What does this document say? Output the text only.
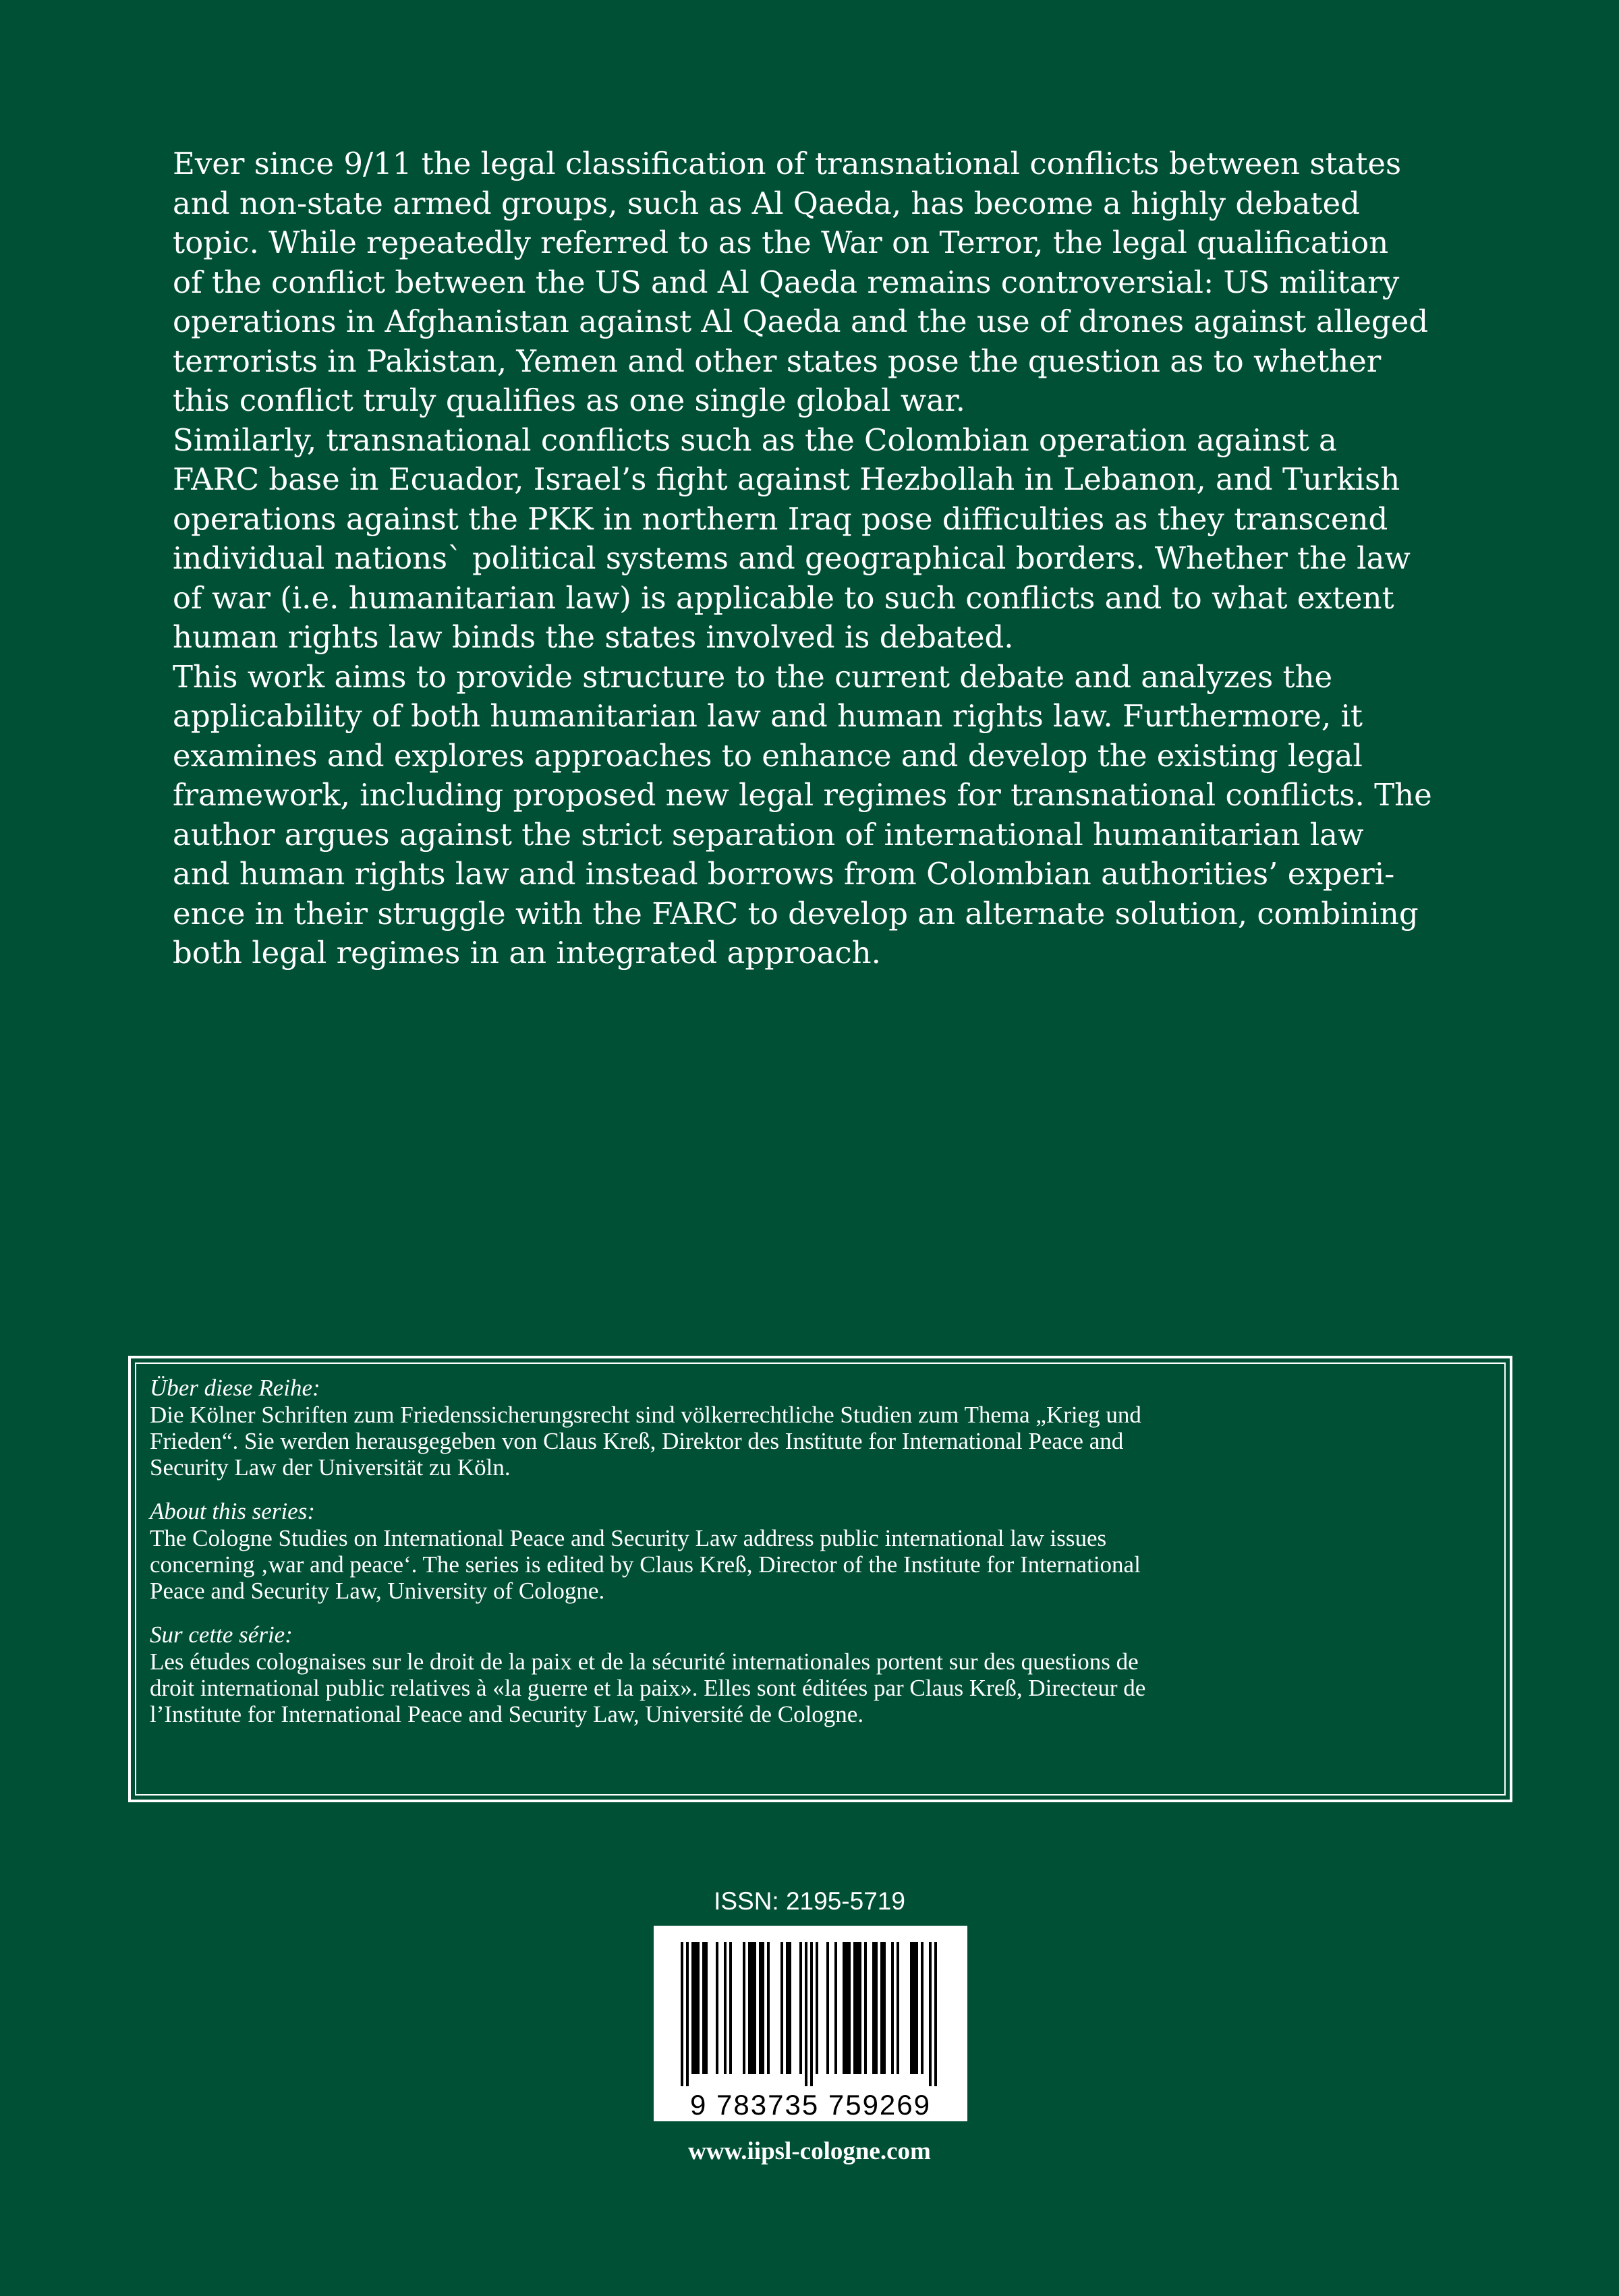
Ever since 9/11 the legal classification of transnational conflicts between states
and non-state armed groups, such as Al Qaeda, has become a highly debated
topic. While repeatedly referred to as the War on Terror, the legal qualification
of the conflict between the US and Al Qaeda remains controversial: US military
operations in Afghanistan against Al Qaeda and the use of drones against alleged
terrorists in Pakistan, Yemen and other states pose the question as to whether
this conflict truly qualifies as one single global war.

Similarly, transnational conflicts such as the Colombian operation against a
FARC base in Ecuador, Israel’s fight against Hezbollah in Lebanon, and Turkish
operations against the PKK in northern Iraq pose difficulties as they transcend
individual nations` political systems and geographical borders. Whether the law
of war (i.e. humanitarian law) is applicable to such conflicts and to what extent
human rights law binds the states involved is debated.

This work aims to provide structure to the current debate and analyzes the
applicability of both humanitarian law and human rights law. Furthermore, it
examines and explores approaches to enhance and develop the existing legal
framework, including proposed new legal regimes for transnational conflicts. The
author argues against the strict separation of international humanitarian law
and human rights law and instead borrows from Colombian authorities’ experi-
ence in their struggle with the FARC to develop an alternate solution, combining
both legal regimes in an integrated approach.

Über diese Reihe:

Die Kölner Schriften zum Friedenssicherungsrecht sind völkerrechtliche Studien zum Thema „Krieg und
Frieden“. Sie werden herausgegeben von Claus Kreß, Direktor des Institute for International Peace and
Security Law der Universität zu Köln.

About this series:

The Cologne Studies on International Peace and Security Law address public international law issues
concerning ‚war and peace‘. The series is edited by Claus Kreß, Director of the Institute for International
Peace and Security Law, University of Cologne.

Sur cette série:

Les études colognaises sur le droit de la paix et de la sécurité internationales portent sur des questions de
droit international public relatives à «la guerre et la paix». Elles sont éditées par Claus Kreß, Directeur de
l’Institute for International Peace and Security Law, Université de Cologne.

ISSN: 2195-5719
9 783735 759269
www.iipsl-cologne.com
